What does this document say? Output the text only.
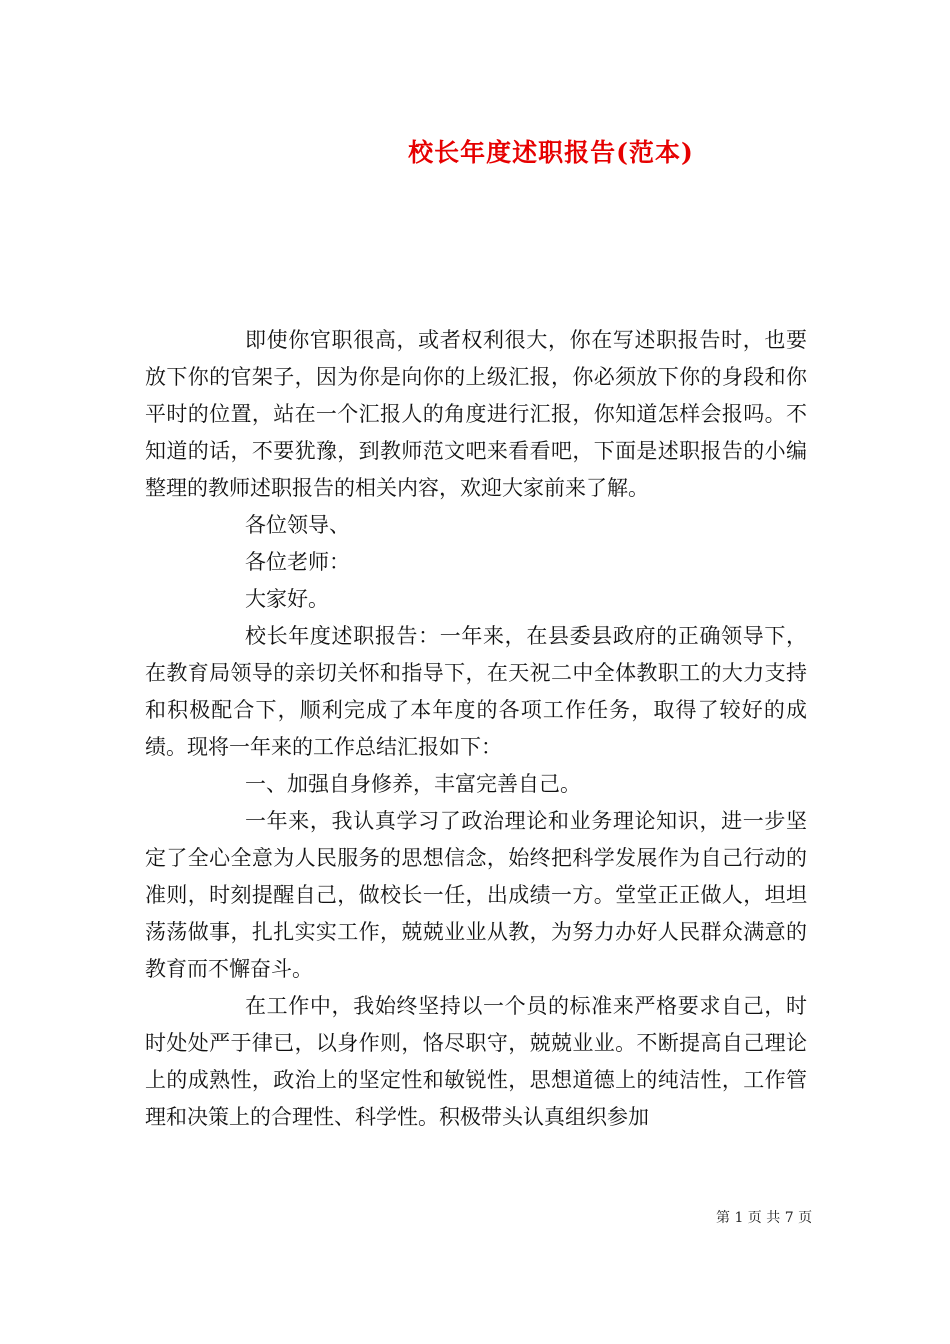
校长年度述职报告(范本)

即使你官职很高，或者权利很大，你在写述职报告时，也要放下你的官架子，因为你是向你的上级汇报，你必须放下你的身段和你平时的位置，站在一个汇报人的角度进行汇报，你知道怎样会报吗。不知道的话，不要犹豫，到教师范文吧来看看吧，下面是述职报告的小编整理的教师述职报告的相关内容，欢迎大家前来了解。

各位领导、

各位老师：

大家好。

校长年度述职报告：一年来，在县委县政府的正确领导下，在教育局领导的亲切关怀和指导下，在天祝二中全体教职工的大力支持和积极配合下，顺利完成了本年度的各项工作任务，取得了较好的成绩。现将一年来的工作总结汇报如下：

一、加强自身修养，丰富完善自己。

一年来，我认真学习了政治理论和业务理论知识，进一步坚定了全心全意为人民服务的思想信念，始终把科学发展作为自己行动的准则，时刻提醒自己，做校长一任，出成绩一方。堂堂正正做人，坦坦荡荡做事，扎扎实实工作，兢兢业业从教，为努力办好人民群众满意的教育而不懈奋斗。

在工作中，我始终坚持以一个员的标准来严格要求自己，时时处处严于律已，以身作则，恪尽职守，兢兢业业。不断提高自己理论上的成熟性，政治上的坚定性和敏锐性，思想道德上的纯洁性，工作管理和决策上的合理性、科学性。积极带头认真组织参加

第 1 页 共 7 页
